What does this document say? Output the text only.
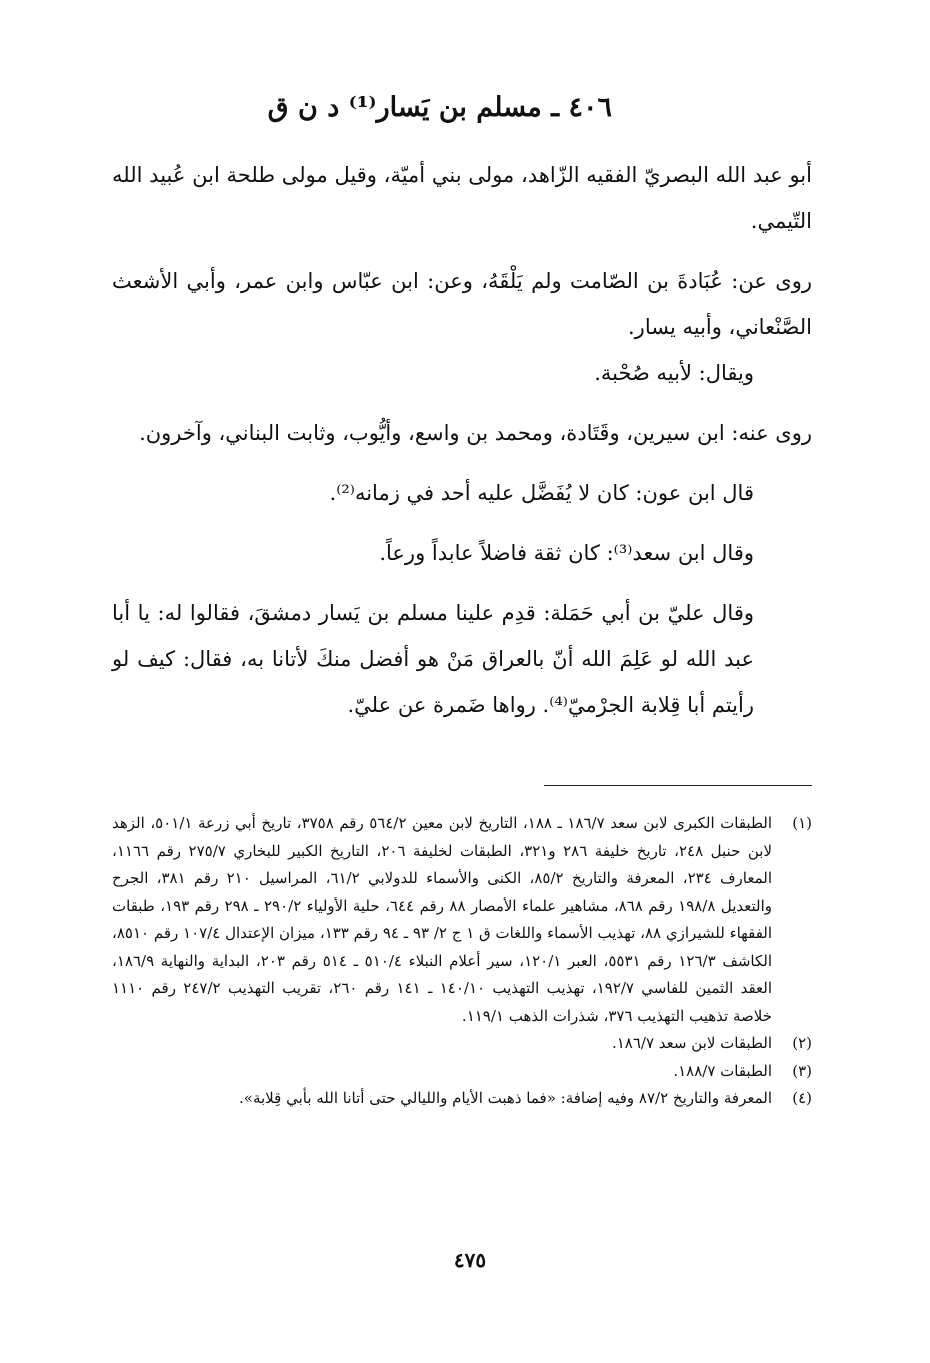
٤٠٦ ـ مسلم بن يَسار⁽¹⁾ د ن ق

أبو عبد الله البصريّ الفقيه الزّاهد، مولى بني أميّة، وقيل مولى طلحة ابن عُبيد الله التّيمي.

روى عن: عُبَادةَ بن الصّامت ولم يَلْقَهُ، وعن: ابن عبّاس وابن عمر، وأبي الأشعث الصَّنْعاني، وأبيه يسار.

ويقال: لأبيه صُحْبة.

روى عنه: ابن سيرين، وقَتَادة، ومحمد بن واسع، وأيُّوب، وثابت البناني، وآخرون.

قال ابن عون: كان لا يُفَضَّل عليه أحد في زمانه⁽²⁾.

وقال ابن سعد⁽³⁾: كان ثقة فاضلاً عابداً ورعاً.

وقال عليّ بن أبي حَمَلة: قدِم علينا مسلم بن يَسار دمشقَ، فقالوا له: يا أبا عبد الله لو عَلِمَ الله أنّ بالعراق مَنْ هو أفضل منكَ لأتانا به، فقال: كيف لو رأيتم أبا قِلابة الجرْميّ⁽⁴⁾. رواها ضَمرة عن عليّ.

(١)
الطبقات الكبرى لابن سعد ١٨٦/٧ ـ ١٨٨، التاريخ لابن معين ٥٦٤/٢ رقم ٣٧٥٨، تاريخ أبي زرعة ٥٠١/١، الزهد لابن حنبل ٢٤٨، تاريخ خليفة ٢٨٦ و٣٢١، الطبقات لخليفة ٢٠٦، التاريخ الكبير للبخاري ٢٧٥/٧ رقم ١١٦٦، المعارف ٢٣٤، المعرفة والتاريخ ٨٥/٢، الكنى والأسماء للدولابي ٦١/٢، المراسيل ٢١٠ رقم ٣٨١، الجرح والتعديل ١٩٨/٨ رقم ٨٦٨، مشاهير علماء الأمصار ٨٨ رقم ٦٤٤، حلية الأولياء ٢٩٠/٢ ـ ٢٩٨ رقم ١٩٣، طبقات الفقهاء للشيرازي ٨٨، تهذيب الأسماء واللغات ق ١ ج ٢/ ٩٣ ـ ٩٤ رقم ١٣٣، ميزان الإعتدال ١٠٧/٤ رقم ٨٥١٠، الكاشف ١٢٦/٣ رقم ٥٥٣١، العبر ١٢٠/١، سير أعلام النبلاء ٥١٠/٤ ـ ٥١٤ رقم ٢٠٣، البداية والنهاية ١٨٦/٩، العقد الثمين للفاسي ١٩٢/٧، تهذيب التهذيب ١٤٠/١٠ ـ ١٤١ رقم ٢٦٠، تقريب التهذيب ٢٤٧/٢ رقم ١١١٠ خلاصة تذهيب التهذيب ٣٧٦، شذرات الذهب ١١٩/١.
(٢)
الطبقات لابن سعد ١٨٦/٧.
(٣)
الطبقات ١٨٨/٧.
(٤)
المعرفة والتاريخ ٨٧/٢ وفيه إضافة: «فما ذهبت الأيام والليالي حتى أتانا الله بأبي قِلابة».
٤٧٥
